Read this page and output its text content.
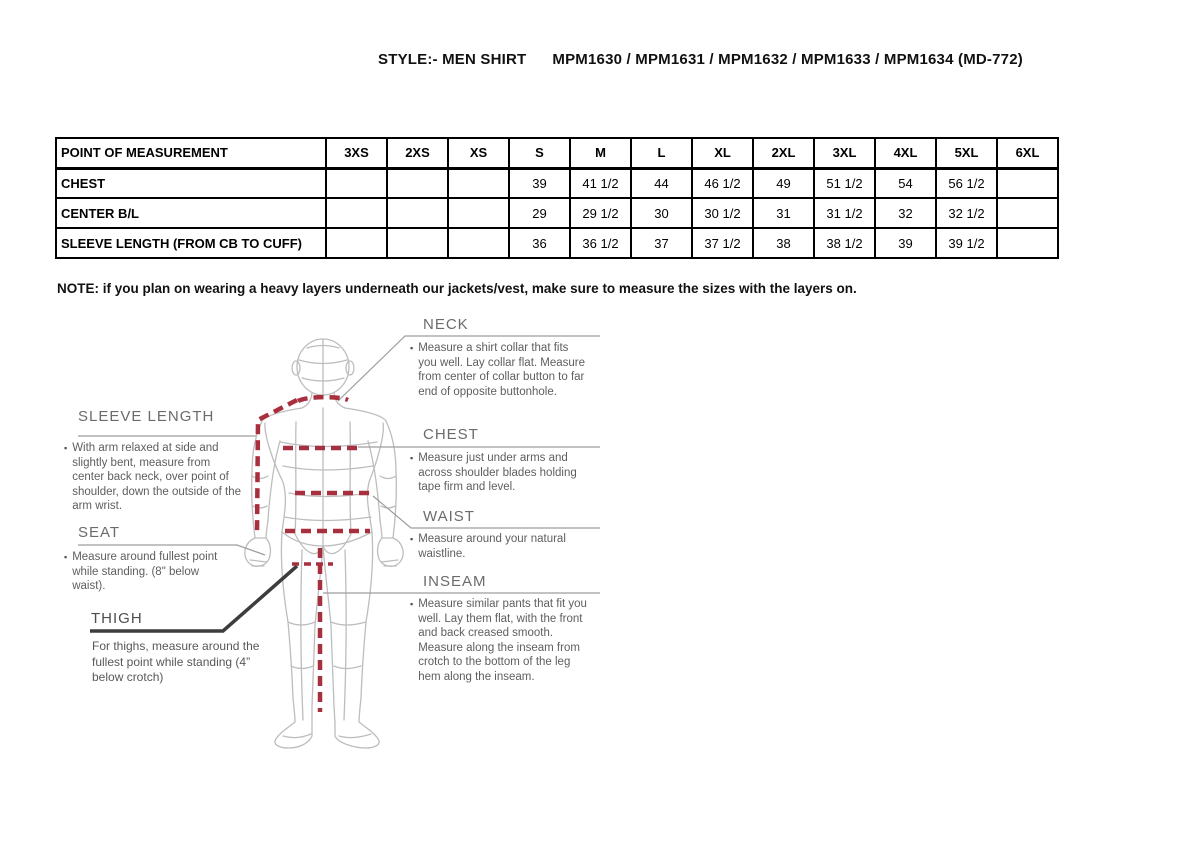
STYLE:- MEN SHIRT MPM1630 / MPM1631 / MPM1632 / MPM1633 / MPM1634 (MD-772)
POINT OF MEASUREMENT	3XS	2XS	XS	S	M	L	XL	2XL	3XL	4XL	5XL	6XL
CHEST				39	41 1/2	44	46 1/2	49	51 1/2	54	56 1/2	
CENTER B/L				29	29 1/2	30	30 1/2	31	31 1/2	32	32 1/2	
SLEEVE LENGTH (FROM CB TO CUFF)				36	36 1/2	37	37 1/2	38	38 1/2	39	39 1/2	
NOTE: if you plan on wearing a heavy layers underneath our jackets/vest, make sure to measure the sizes with the layers on.
NECK
▪ Measure a shirt collar that fits you well. Lay collar flat. Measure from center of collar button to far end of opposite buttonhole.
CHEST
▪ Measure just under arms and across shoulder blades holding tape firm and level.
WAIST
▪ Measure around your natural waistline.
INSEAM
▪ Measure similar pants that fit you well. Lay them flat, with the front and back creased smooth. Measure along the inseam from crotch to the bottom of the leg hem along the inseam.
SLEEVE LENGTH
▪ With arm relaxed at side and slightly bent, measure from center back neck, over point of shoulder, down the outside of the arm wrist.
SEAT
▪ Measure around fullest point while standing. (8" below waist).
THIGH
For thighs, measure around the fullest point while standing (4” below crotch)
